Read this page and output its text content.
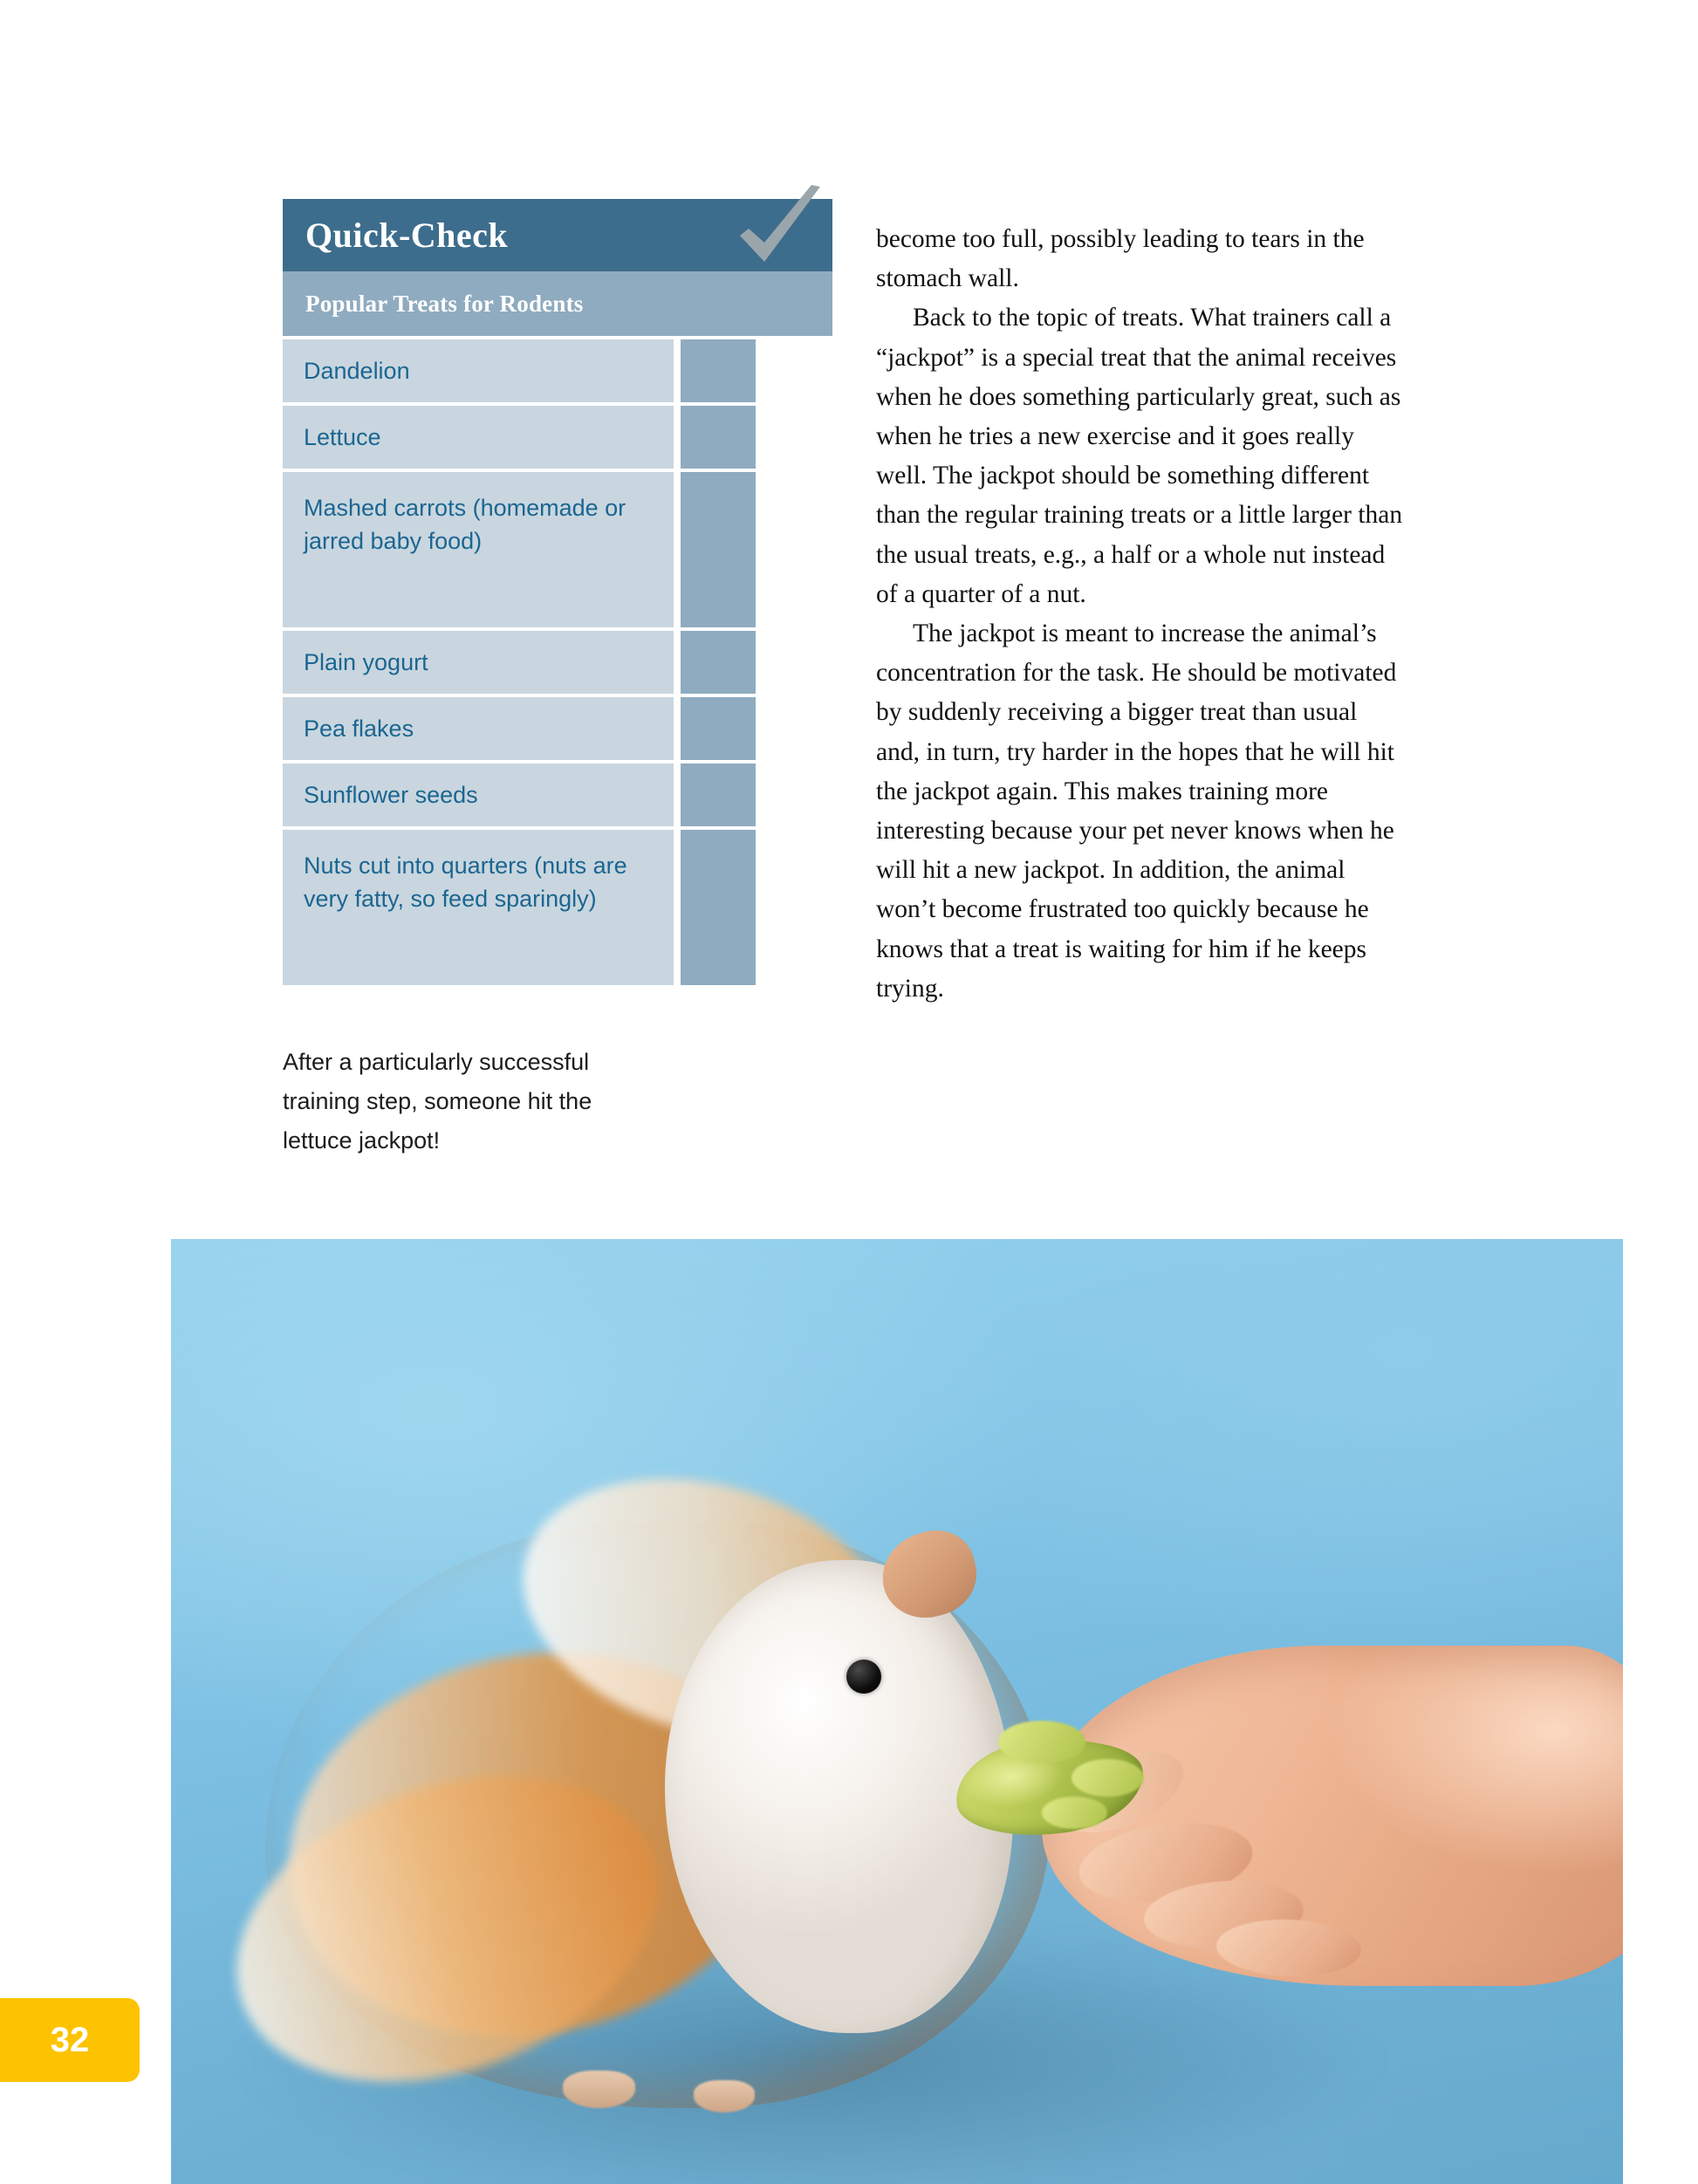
Quick-Check
Popular Treats for Rodents
Dandelion
Lettuce
Mashed carrots (homemade or jarred baby food)
Plain yogurt
Pea flakes
Sunflower seeds
Nuts cut into quarters (nuts are very fatty, so feed sparingly)
After a particularly successful training step, someone hit the lettuce jackpot!

become too full, possibly leading to tears in the stomach wall.

Back to the topic of treats. What trainers call a “jackpot” is a special treat that the animal receives when he does something particularly great, such as when he tries a new exercise and it goes really well. The jackpot should be something different than the regular training treats or a little larger than the usual treats, e.g., a half or a whole nut instead of a quarter of a nut.

The jackpot is meant to increase the animal’s concentration for the task. He should be motivated by suddenly receiving a bigger treat than usual and, in turn, try harder in the hopes that he will hit the jackpot again. This makes training more interesting because your pet never knows when he will hit a new jackpot. In addition, the animal won’t become frustrated too quickly because he knows that a treat is waiting for him if he keeps trying.

32
